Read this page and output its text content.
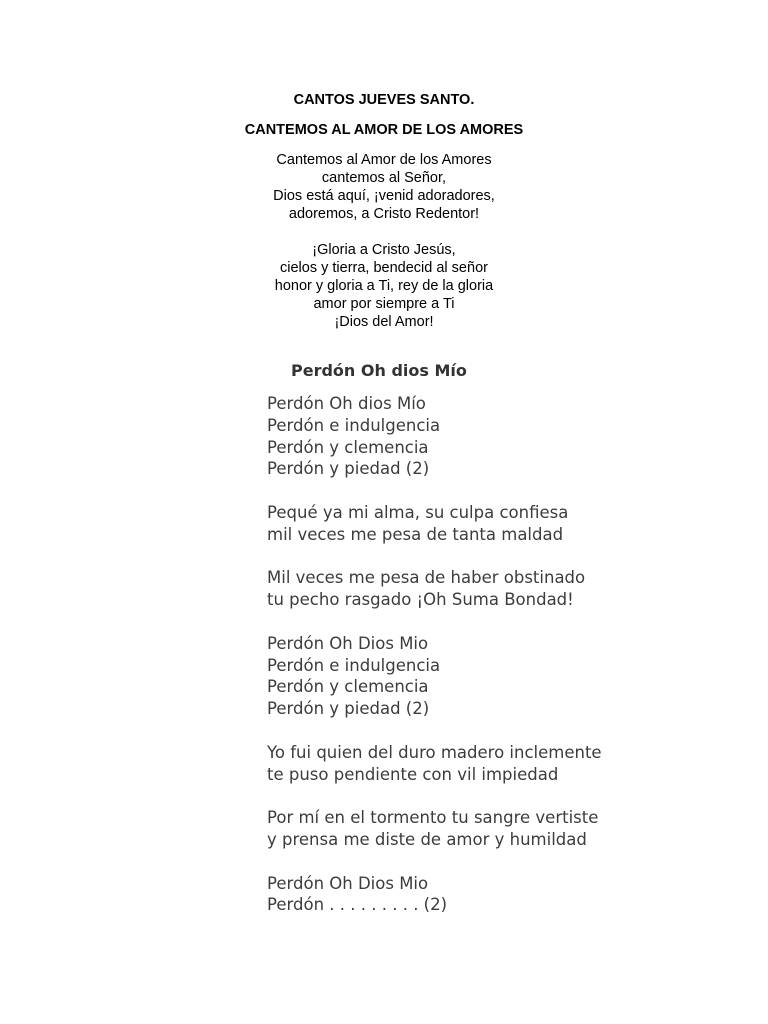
CANTOS JUEVES SANTO.
CANTEMOS AL AMOR DE LOS AMORES
Cantemos al Amor de los Amores
cantemos al Señor,
Dios está aquí, ¡venid adoradores,
adoremos, a Cristo Redentor!
¡Gloria a Cristo Jesús,
cielos y tierra, bendecid al señor
honor y gloria a Ti, rey de la gloria
amor por siempre a Ti
¡Dios del Amor!
Perdón Oh dios Mío
Perdón Oh dios Mío
Perdón e indulgencia
Perdón y clemencia
Perdón y piedad (2)
Pequé ya mi alma, su culpa confiesa
mil veces me pesa de tanta maldad
Mil veces me pesa de haber obstinado
tu pecho rasgado ¡Oh Suma Bondad!
Perdón Oh Dios Mio
Perdón e indulgencia
Perdón y clemencia
Perdón y piedad (2)
Yo fui quien del duro madero inclemente
te puso pendiente con vil impiedad
Por mí en el tormento tu sangre vertiste
y prensa me diste de amor y humildad
Perdón Oh Dios Mio
Perdón . . . . . . . . . (2)
